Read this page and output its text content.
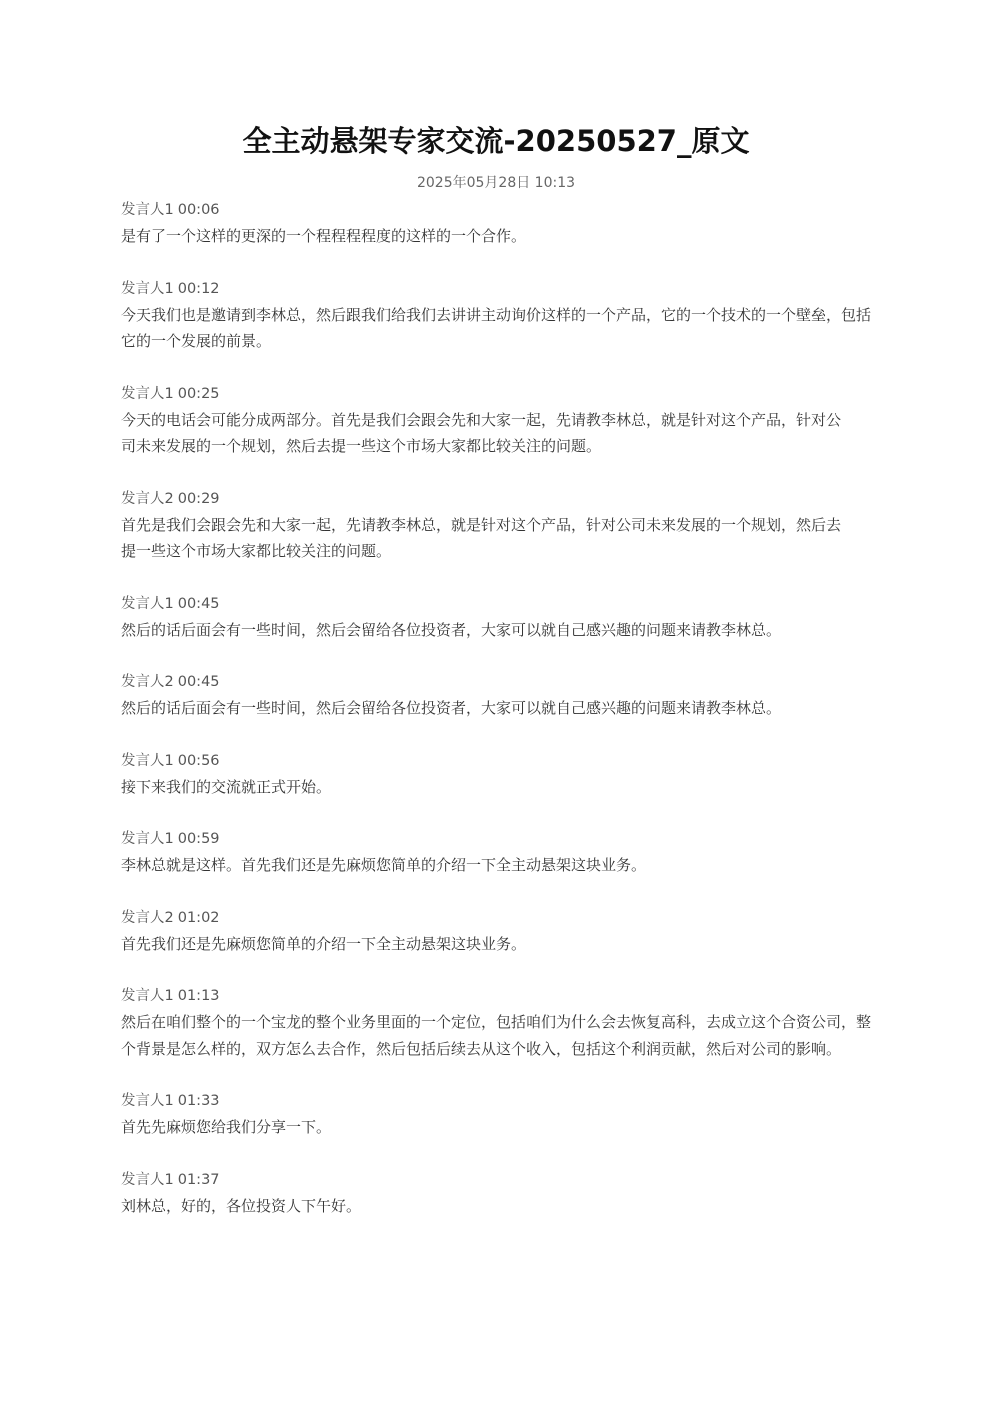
全主动悬架专家交流-20250527_原文
2025年05月28日 10:13
发言人1 00:06
是有了一个这样的更深的一个程程程程度的这样的一个合作。
发言人1 00:12
今天我们也是邀请到李林总，然后跟我们给我们去讲讲主动询价这样的一个产品，它的一个技术的一个壁垒，包括它的一个发展的前景。
发言人1 00:25
今天的电话会可能分成两部分。首先是我们会跟会先和大家一起，先请教李林总，就是针对这个产品，针对公司未来发展的一个规划，然后去提一些这个市场大家都比较关注的问题。
发言人2 00:29
首先是我们会跟会先和大家一起，先请教李林总，就是针对这个产品，针对公司未来发展的一个规划，然后去提一些这个市场大家都比较关注的问题。
发言人1 00:45
然后的话后面会有一些时间，然后会留给各位投资者，大家可以就自己感兴趣的问题来请教李林总。
发言人2 00:45
然后的话后面会有一些时间，然后会留给各位投资者，大家可以就自己感兴趣的问题来请教李林总。
发言人1 00:56
接下来我们的交流就正式开始。
发言人1 00:59
李林总就是这样。首先我们还是先麻烦您简单的介绍一下全主动悬架这块业务。
发言人2 01:02
首先我们还是先麻烦您简单的介绍一下全主动悬架这块业务。
发言人1 01:13
然后在咱们整个的一个宝龙的整个业务里面的一个定位，包括咱们为什么会去恢复高科，去成立这个合资公司，整个背景是怎么样的，双方怎么去合作，然后包括后续去从这个收入，包括这个利润贡献，然后对公司的影响。
发言人1 01:33
首先先麻烦您给我们分享一下。
发言人1 01:37
刘林总，好的，各位投资人下午好。
